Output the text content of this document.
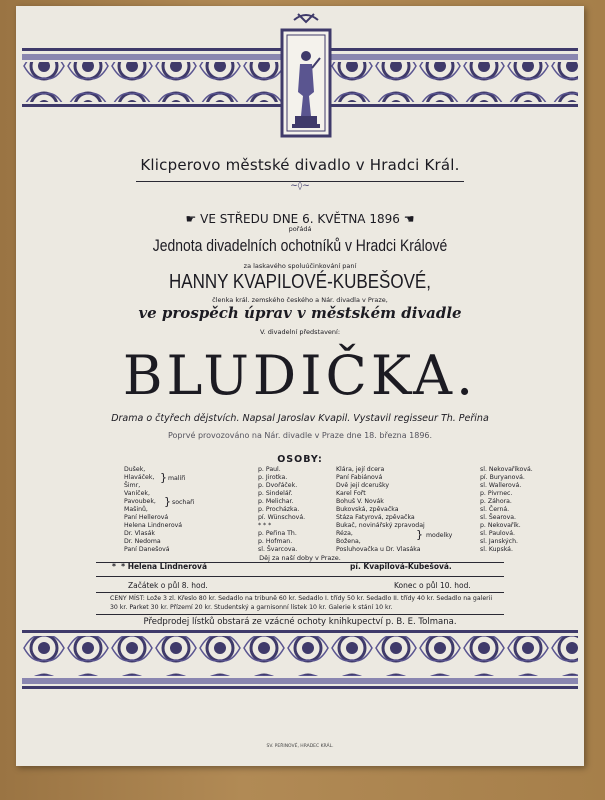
Klicperovo městské divadlo v Hradci Král.
~◊~
☛ VE STŘEDU DNE 6. KVĚTNA 1896 ☚
pořádá
Jednota divadelních ochotníků v Hradci Králové
za laskavého spoluúčinkování paní
HANNY KVAPILOVÉ-KUBEŠOVÉ,
členka král. zemského českého a Nár. divadla v Praze,
ve prospěch úprav v městském divadle
V. divadelní představení:
BLUDIČKA.
Drama o čtyřech dějstvích. Napsal Jaroslav Kvapil. Vystavil regisseur Th. Peřina
Poprvé provozováno na Nár. divadle v Praze dne 18. března 1896.
OSOBY:
Dušek,	p. Paul.
Hlaváček,	p. Jirotka.
Šimr,	p. Dvořáček.
Vaníček,	p. Sindelář.
Pavoubek,	p. Melichar.
Mašinů,	p. Procházka.
Paní Hellerová	pí. Wünschová.
Helena Lindnerová	* * *
Dr. Vlasák	p. Peřina Th.
Dr. Nedoma	p. Hofman.
Paní Danešová	sl. Švarcova.
} malíři
} sochaři
Klára, její dcera	sl. Nekovaříková.
Paní Fabiánová	pí. Buryanová.
Dvě její dcerušky	sl. Wallerová.
Karel Fořt	p. Pivrnec.
Bohuš V. Novák	p. Záhora.
Bukovská, zpěvačka	sl. Černá.
Stáza Fatyrová, zpěvačka	sl. Šearova.
Bukač, novinářský zpravodaj	p. Nekovařík.
Réza,	sl. Paulová.
Božena,	sl. Janských.
Posluhovačka u Dr. Vlasáka	sl. Kupská.
} modelky
Děj za naší doby v Praze.
*  * Helena Lindnerová	pí. Kvapilová-Kubešová.
Začátek o půl 8. hod.	Konec o půl 10. hod.
CENY MÍST: Lože 3 zl. Křeslo 80 kr. Sedadlo na tribuně 60 kr. Sedadlo I. třídy 50 kr. Sedadlo II. třídy 40 kr. Sedadlo na galerii 30 kr. Parket 30 kr. Přízemí 20 kr. Studentský a garnisonní lístek 10 kr. Galerie k stání 10 kr.
Předprodej lístků obstará ze vzácné ochoty knihkupectví p. B. E. Tolmana.
SV. PEŘINOVÉ, HRADEC KRÁL.
